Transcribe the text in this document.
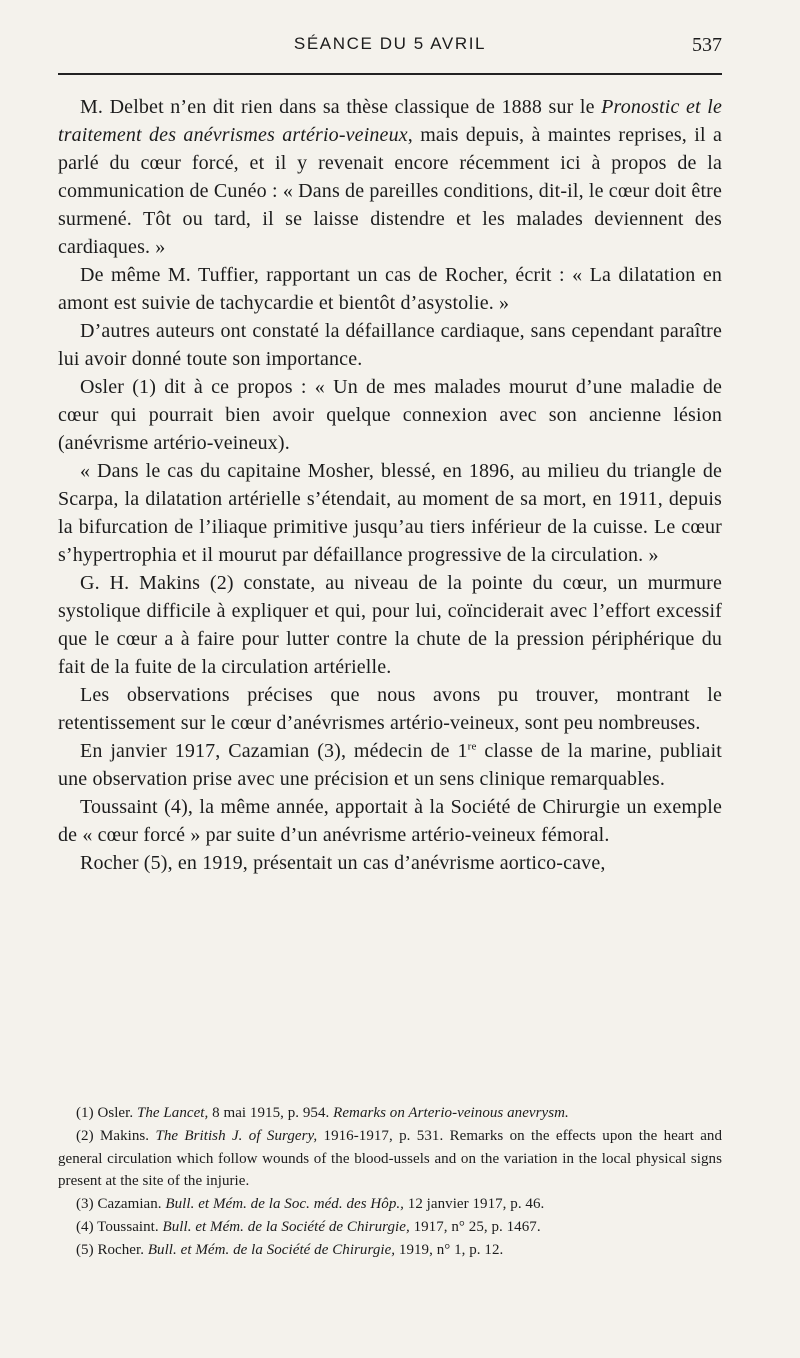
SÉANCE DU 5 AVRIL	537

M. Delbet n’en dit rien dans sa thèse classique de 1888 sur le Pronostic et le traitement des anévrismes artério-veineux, mais depuis, à maintes reprises, il a parlé du cœur forcé, et il y revenait encore récemment ici à propos de la communication de Cunéo : « Dans de pareilles conditions, dit-il, le cœur doit être surmené. Tôt ou tard, il se laisse distendre et les malades deviennent des cardiaques. »

De même M. Tuffier, rapportant un cas de Rocher, écrit : « La dilatation en amont est suivie de tachycardie et bientôt d’asystolie. »

D’autres auteurs ont constaté la défaillance cardiaque, sans cependant paraître lui avoir donné toute son importance.

Osler (1) dit à ce propos : « Un de mes malades mourut d’une maladie de cœur qui pourrait bien avoir quelque connexion avec son ancienne lésion (anévrisme artério-veineux).

« Dans le cas du capitaine Mosher, blessé, en 1896, au milieu du triangle de Scarpa, la dilatation artérielle s’étendait, au moment de sa mort, en 1911, depuis la bifurcation de l’iliaque primitive jusqu’au tiers inférieur de la cuisse. Le cœur s’hypertrophia et il mourut par défaillance progressive de la circulation. »

G. H. Makins (2) constate, au niveau de la pointe du cœur, un murmure systolique difficile à expliquer et qui, pour lui, coïnciderait avec l’effort excessif que le cœur a à faire pour lutter contre la chute de la pression périphérique du fait de la fuite de la circulation artérielle.

Les observations précises que nous avons pu trouver, montrant le retentissement sur le cœur d’anévrismes artério-veineux, sont peu nombreuses.

En janvier 1917, Cazamian (3), médecin de 1re classe de la marine, publiait une observation prise avec une précision et un sens clinique remarquables.

Toussaint (4), la même année, apportait à la Société de Chirurgie un exemple de « cœur forcé » par suite d’un anévrisme artério-veineux fémoral.

Rocher (5), en 1919, présentait un cas d’anévrisme aortico-cave,

(1) Osler. The Lancet, 8 mai 1915, p. 954. Remarks on Arterio-veinous anevrysm.

(2) Makins. The British J. of Surgery, 1916-1917, p. 531. Remarks on the effects upon the heart and general circulation which follow wounds of the blood-ussels and on the variation in the local physical signs present at the site of the injurie.

(3) Cazamian. Bull. et Mém. de la Soc. méd. des Hôp., 12 janvier 1917, p. 46.

(4) Toussaint. Bull. et Mém. de la Société de Chirurgie, 1917, n° 25, p. 1467.

(5) Rocher. Bull. et Mém. de la Société de Chirurgie, 1919, n° 1, p. 12.
